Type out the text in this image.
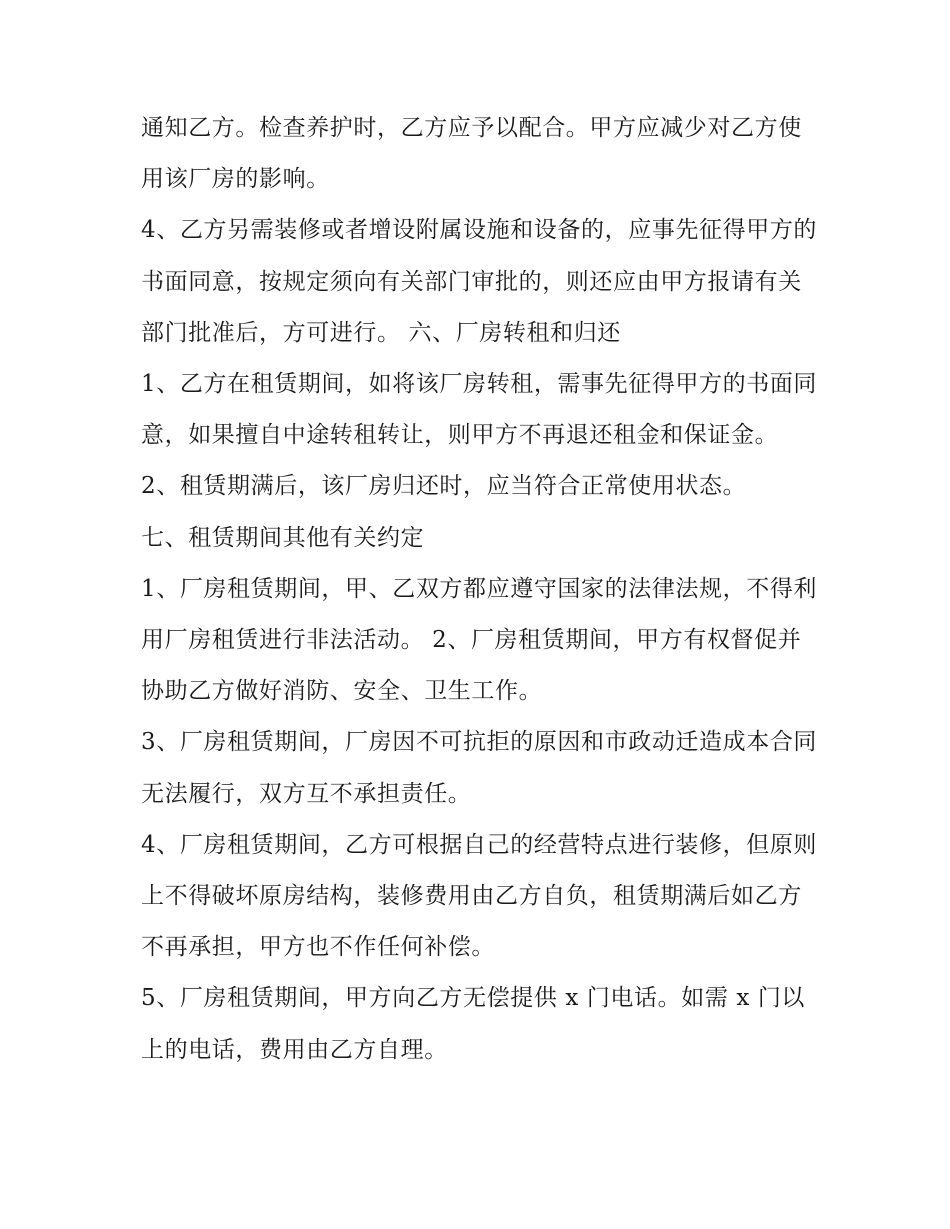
通知乙方。检查养护时，乙方应予以配合。甲方应减少对乙方使用该厂房的影响。

4、乙方另需装修或者增设附属设施和设备的，应事先征得甲方的书面同意，按规定须向有关部门审批的，则还应由甲方报请有关部门批准后，方可进行。 六、厂房转租和归还

1、乙方在租赁期间，如将该厂房转租，需事先征得甲方的书面同意，如果擅自中途转租转让，则甲方不再退还租金和保证金。

2、租赁期满后，该厂房归还时，应当符合正常使用状态。

七、租赁期间其他有关约定

1、厂房租赁期间，甲、乙双方都应遵守国家的法律法规，不得利用厂房租赁进行非法活动。 2、厂房租赁期间，甲方有权督促并协助乙方做好消防、安全、卫生工作。

3、厂房租赁期间，厂房因不可抗拒的原因和市政动迁造成本合同无法履行，双方互不承担责任。

4、厂房租赁期间，乙方可根据自己的经营特点进行装修，但原则上不得破坏原房结构，装修费用由乙方自负，租赁期满后如乙方不再承担，甲方也不作任何补偿。

5、厂房租赁期间，甲方向乙方无偿提供 x 门电话。如需 x 门以上的电话，费用由乙方自理。
